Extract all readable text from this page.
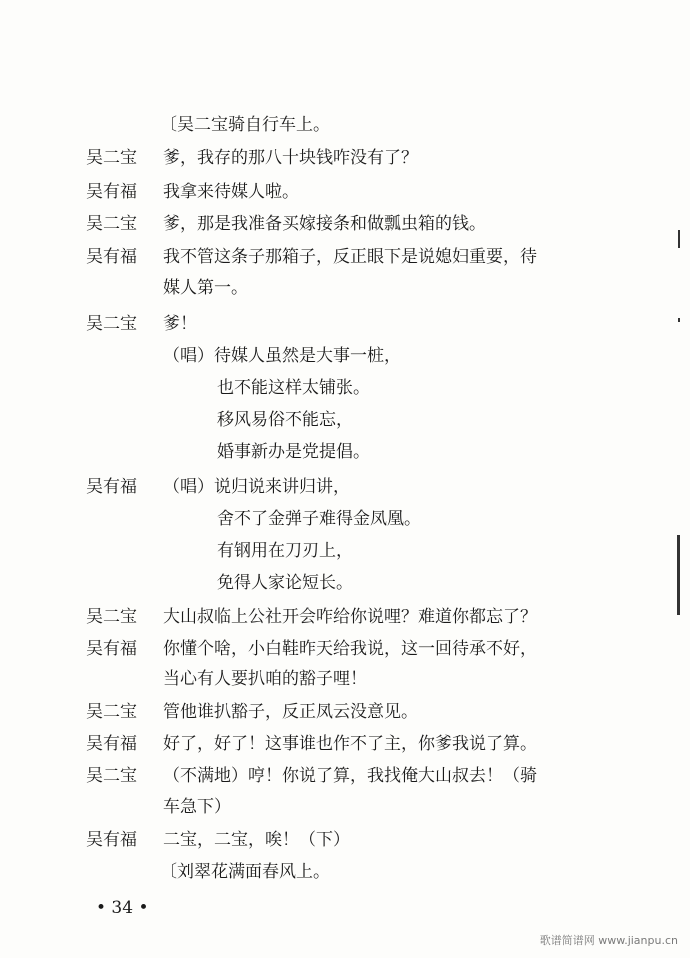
〔吴二宝骑自行车上。
吴二宝	爹，我存的那八十块钱咋没有了？
吴有福	我拿来待媒人啦。
吴二宝	爹，那是我准备买嫁接条和做瓢虫箱的钱。
吴有福	我不管这条子那箱子，反正眼下是说媳妇重要，待
媒人第一。
吴二宝	爹！
（唱）待媒人虽然是大事一桩，
也不能这样太铺张。
移风易俗不能忘，
婚事新办是党提倡。
吴有福	（唱）说归说来讲归讲，
舍不了金弹子难得金凤凰。
有钢用在刀刃上，
免得人家论短长。
吴二宝	大山叔临上公社开会咋给你说哩？难道你都忘了？
吴有福	你懂个啥，小白鞋昨天给我说，这一回待承不好，
当心有人要扒咱的豁子哩！
吴二宝	管他谁扒豁子，反正凤云没意见。
吴有福	好了，好了！这事谁也作不了主，你爹我说了算。
吴二宝	（不满地）哼！你说了算，我找俺大山叔去！（骑
车急下）
吴有福	二宝，二宝，唉！（下）
〔刘翠花满面春风上。
• 34 •
歌谱简谱网 www.jianpu.cn
